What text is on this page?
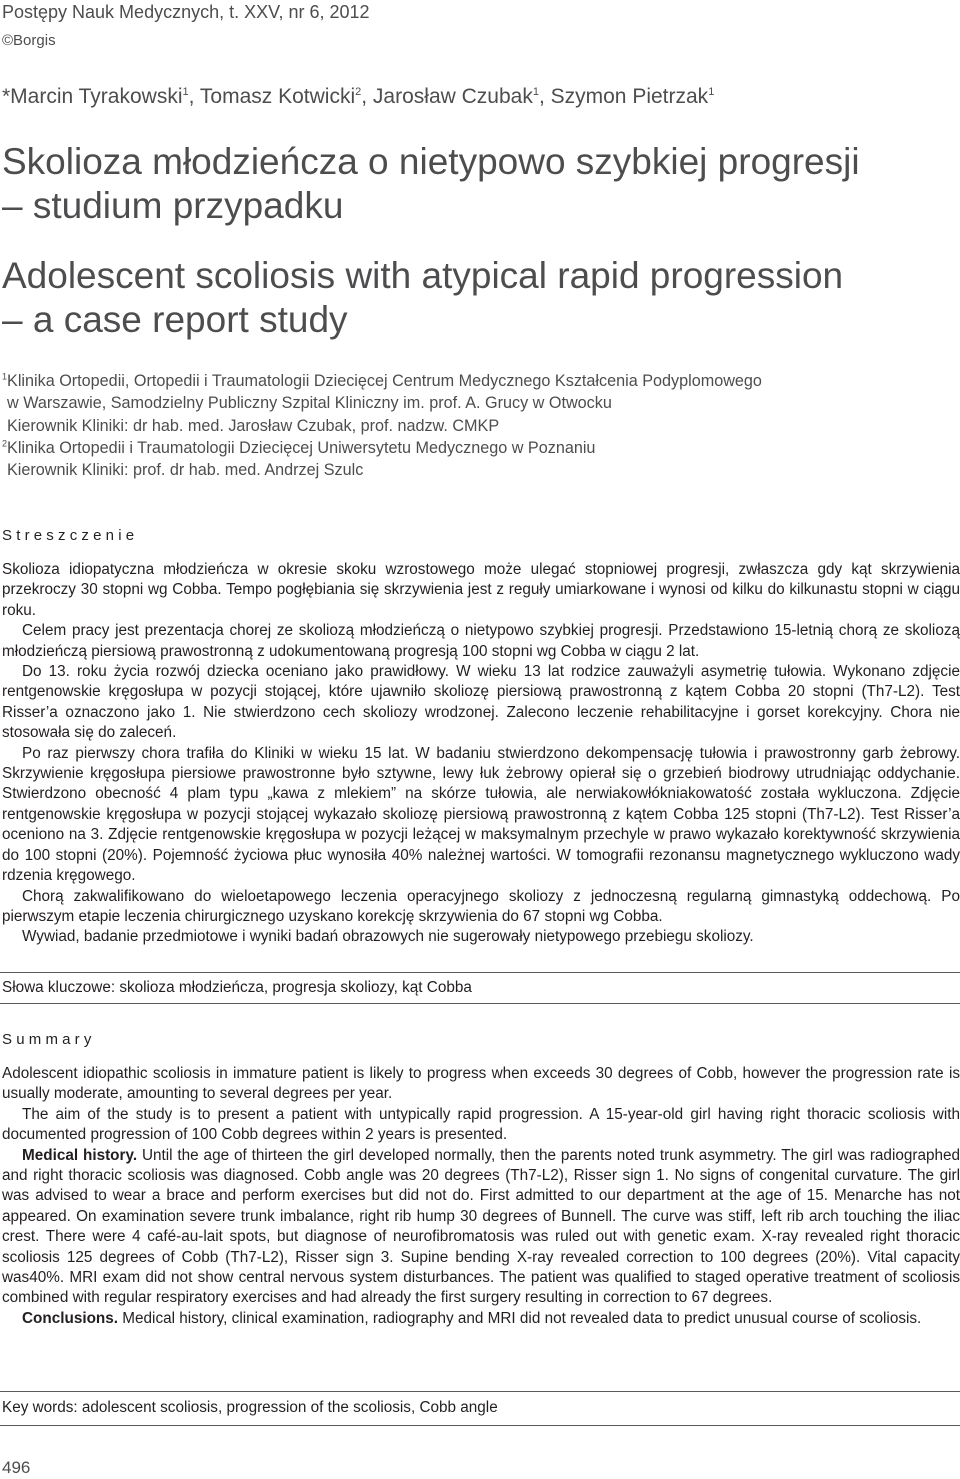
Postępy Nauk Medycznych, t. XXV, nr 6, 2012
©Borgis
*Marcin Tyrakowski$^1$, Tomasz Kotwicki$^2$, Jarosław Czubak$^1$, Szymon Pietrzak$^1$
Skolioza młodzieńcza o nietypowo szybkiej progresji
– studium przypadku
Adolescent scoliosis with atypical rapid progression
– a case report study
$^1$Klinika Ortopedii, Ortopedii i Traumatologii Dziecięcej Centrum Medycznego Kształcenia Podyplomowego
w Warszawie, Samodzielny Publiczny Szpital Kliniczny im. prof. A. Grucy w Otwocku
Kierownik Kliniki: dr hab. med. Jarosław Czubak, prof. nadzw. CMKP
$^2$Klinika Ortopedii i Traumatologii Dziecięcej Uniwersytetu Medycznego w Poznaniu
Kierownik Kliniki: prof. dr hab. med. Andrzej Szulc
Streszczenie

Skolioza idiopatyczna młodzieńcza w okresie skoku wzrostowego może ulegać stopniowej progresji, zwłaszcza gdy kąt skrzywienia przekroczy 30 stopni wg Cobba. Tempo pogłębiania się skrzywienia jest z reguły umiarkowane i wynosi od kilku do kilkunastu stopni w ciągu roku.

Celem pracy jest prezentacja chorej ze skoliozą młodzieńczą o nietypowo szybkiej progresji. Przedstawiono 15-letnią chorą ze skoliozą młodzieńczą piersiową prawostronną z udokumentowaną progresją 100 stopni wg Cobba w ciągu 2 lat.

Do 13. roku życia rozwój dziecka oceniano jako prawidłowy. W wieku 13 lat rodzice zauważyli asymetrię tułowia. Wykonano zdjęcie rentgenowskie kręgosłupa w pozycji stojącej, które ujawniło skoliozę piersiową prawostronną z kątem Cobba 20 stopni (Th7-L2). Test Risser’a oznaczono jako 1. Nie stwierdzono cech skoliozy wrodzonej. Zalecono leczenie rehabilitacyjne i gorset korekcyjny. Chora nie stosowała się do zaleceń.

Po raz pierwszy chora trafiła do Kliniki w wieku 15 lat. W badaniu stwierdzono dekompensację tułowia i prawostronny garb żebrowy. Skrzywienie kręgosłupa piersiowe prawostronne było sztywne, lewy łuk żebrowy opierał się o grzebień biodrowy utrudniając oddychanie. Stwierdzono obecność 4 plam typu „kawa z mlekiem” na skórze tułowia, ale nerwiakowłókniakowatość została wykluczona. Zdjęcie rentgenowskie kręgosłupa w pozycji stojącej wykazało skoliozę piersiową prawostronną z kątem Cobba 125 stopni (Th7-L2). Test Risser’a oceniono na 3. Zdjęcie rentgenowskie kręgosłupa w pozycji leżącej w maksymalnym przechyle w prawo wykazało korektywność skrzywienia do 100 stopni (20%). Pojemność życiowa płuc wynosiła 40% należnej wartości. W tomografii rezonansu magnetycznego wykluczono wady rdzenia kręgowego.

Chorą zakwalifikowano do wieloetapowego leczenia operacyjnego skoliozy z jednoczesną regularną gimnastyką oddechową. Po pierwszym etapie leczenia chirurgicznego uzyskano korekcję skrzywienia do 67 stopni wg Cobba.

Wywiad, badanie przedmiotowe i wyniki badań obrazowych nie sugerowały nietypowego przebiegu skoliozy.

Słowa kluczowe: skolioza młodzieńcza, progresja skoliozy, kąt Cobba
Summary

Adolescent idiopathic scoliosis in immature patient is likely to progress when exceeds 30 degrees of Cobb, however the progression rate is usually moderate, amounting to several degrees per year.

The aim of the study is to present a patient with untypically rapid progression. A 15-year-old girl having right thoracic scoliosis with documented progression of 100 Cobb degrees within 2 years is presented.

Medical history. Until the age of thirteen the girl developed normally, then the parents noted trunk asymmetry. The girl was radiographed and right thoracic scoliosis was diagnosed. Cobb angle was 20 degrees (Th7-L2), Risser sign 1. No signs of congenital curvature. The girl was advised to wear a brace and perform exercises but did not do. First admitted to our department at the age of 15. Menarche has not appeared. On examination severe trunk imbalance, right rib hump 30 degrees of Bunnell. The curve was stiff, left rib arch touching the iliac crest. There were 4 café-au-lait spots, but diagnose of neurofibromatosis was ruled out with genetic exam. X-ray revealed right thoracic scoliosis 125 degrees of Cobb (Th7-L2), Risser sign 3. Supine bending X-ray revealed correction to 100 degrees (20%). Vital capacity was40%. MRI exam did not show central nervous system disturbances. The patient was qualified to staged operative treatment of scoliosis combined with regular respiratory exercises and had already the first surgery resulting in correction to 67 degrees.

Conclusions. Medical history, clinical examination, radiography and MRI did not revealed data to predict unusual course of scoliosis.

Key words: adolescent scoliosis, progression of the scoliosis, Cobb angle
496
